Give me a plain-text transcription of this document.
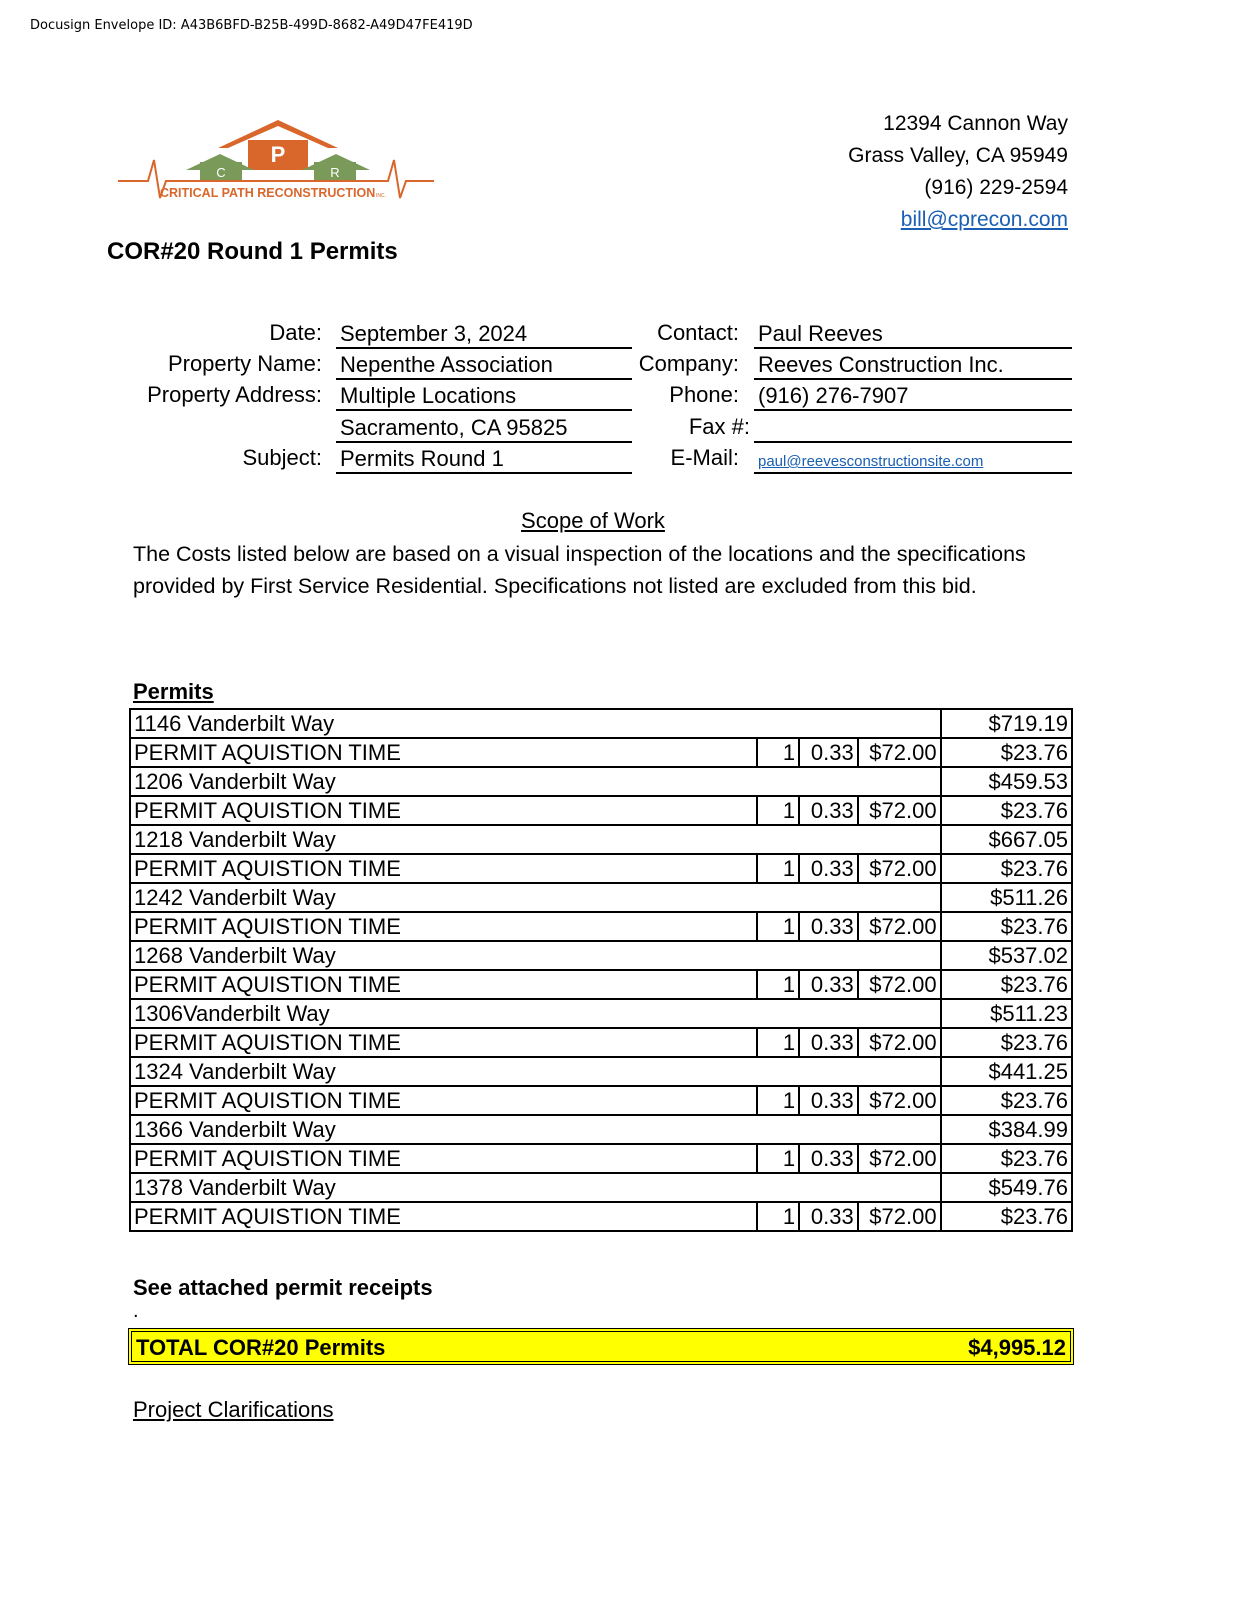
Docusign Envelope ID: A43B6BFD-B25B-499D-8682-A49D47FE419D
P
C	R
CRITICAL PATH RECONSTRUCTION INC.
12394 Cannon Way
Grass Valley, CA 95949
(916) 229-2594
bill@cprecon.com
COR#20 Round 1 Permits
Date: September 3, 2024
Property Name: Nepenthe Association
Property Address: Multiple Locations
Sacramento, CA 95825
Subject: Permits Round 1
Contact: Paul Reeves
Company: Reeves Construction Inc.
Phone: (916) 276-7907
Fax #:
E-Mail: paul@reevesconstructionsite.com
Scope of Work
The Costs listed below are based on a visual inspection of the locations and the specifications provided by First Service Residential. Specifications not listed are excluded from this bid.
Permits
1146 Vanderbilt Way				$719.19
PERMIT AQUISTION TIME	1	0.33	$72.00	$23.76
1206 Vanderbilt Way				$459.53
PERMIT AQUISTION TIME	1	0.33	$72.00	$23.76
1218 Vanderbilt Way				$667.05
PERMIT AQUISTION TIME	1	0.33	$72.00	$23.76
1242 Vanderbilt Way				$511.26
PERMIT AQUISTION TIME	1	0.33	$72.00	$23.76
1268 Vanderbilt Way				$537.02
PERMIT AQUISTION TIME	1	0.33	$72.00	$23.76
1306Vanderbilt Way				$511.23
PERMIT AQUISTION TIME	1	0.33	$72.00	$23.76
1324 Vanderbilt Way				$441.25
PERMIT AQUISTION TIME	1	0.33	$72.00	$23.76
1366 Vanderbilt Way				$384.99
PERMIT AQUISTION TIME	1	0.33	$72.00	$23.76
1378 Vanderbilt Way				$549.76
PERMIT AQUISTION TIME	1	0.33	$72.00	$23.76
See attached permit receipts
.
TOTAL COR#20 Permits	$4,995.12
Project Clarifications
